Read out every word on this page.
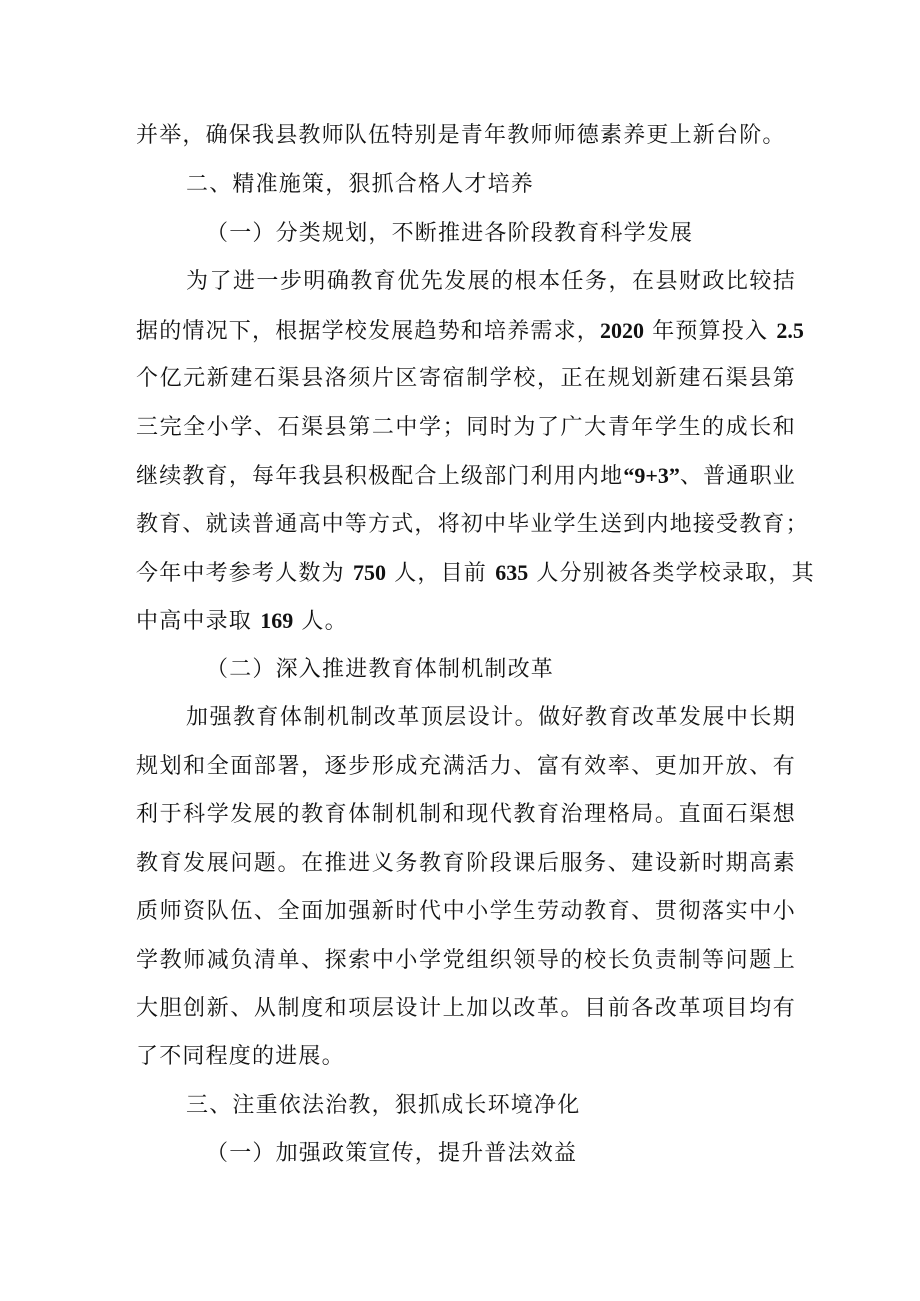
并举，确保我县教师队伍特别是青年教师师德素养更上新台阶。
二、精准施策，狠抓合格人才培养
（一）分类规划，不断推进各阶段教育科学发展
为了进一步明确教育优先发展的根本任务，在县财政比较拮
据的情况下，根据学校发展趋势和培养需求，2020 年预算投入 2.5
个亿元新建石渠县洛须片区寄宿制学校，正在规划新建石渠县第
三完全小学、石渠县第二中学；同时为了广大青年学生的成长和
继续教育，每年我县积极配合上级部门利用内地“9+3”、普通职业
教育、就读普通高中等方式，将初中毕业学生送到内地接受教育；
今年中考参考人数为 750 人，目前 635 人分别被各类学校录取，其
中高中录取 169 人。
（二）深入推进教育体制机制改革
加强教育体制机制改革顶层设计。做好教育改革发展中长期
规划和全面部署，逐步形成充满活力、富有效率、更加开放、有
利于科学发展的教育体制机制和现代教育治理格局。直面石渠想
教育发展问题。在推进义务教育阶段课后服务、建设新时期高素
质师资队伍、全面加强新时代中小学生劳动教育、贯彻落实中小
学教师减负清单、探索中小学党组织领导的校长负责制等问题上
大胆创新、从制度和项层设计上加以改革。目前各改革项目均有
了不同程度的进展。
三、注重依法治教，狠抓成长环境净化
（一）加强政策宣传，提升普法效益
